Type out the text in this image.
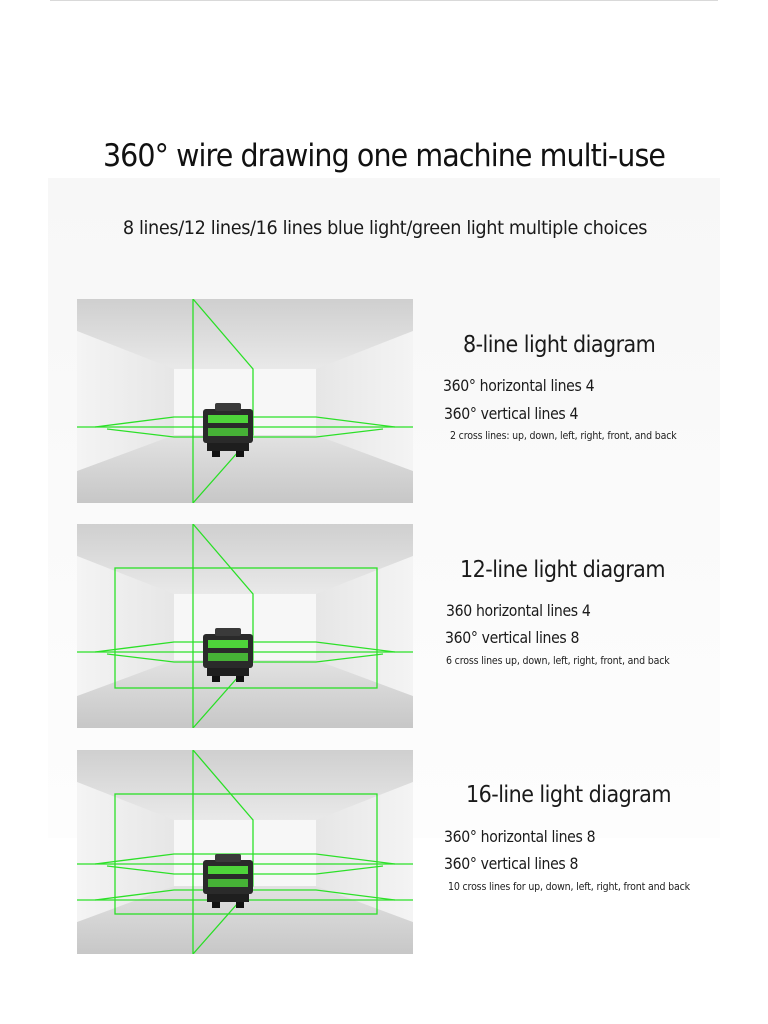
360° wire drawing one machine multi-use
8 lines/12 lines/16 lines blue light/green light multiple choices
8-line light diagram
360° horizontal lines 4
360° vertical lines 4
2 cross lines: up, down, left, right, front, and back
12-line light diagram
360 horizontal lines 4
360° vertical lines 8
6 cross lines up, down, left, right, front, and back
16-line light diagram
360° horizontal lines 8
360° vertical lines 8
10 cross lines for up, down, left, right, front and back
